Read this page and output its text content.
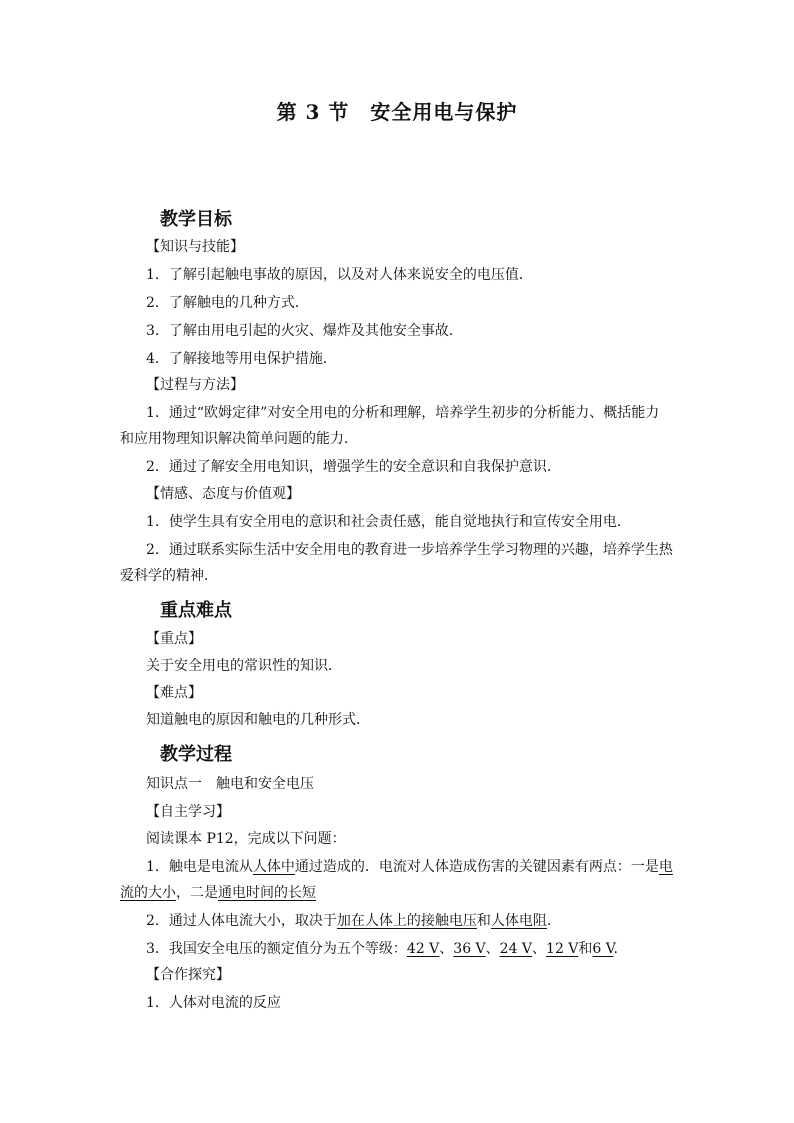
第 3 节　安全用电与保护
教学目标
【知识与技能】
1．了解引起触电事故的原因，以及对人体来说安全的电压值．
2．了解触电的几种方式．
3．了解由用电引起的火灾、爆炸及其他安全事故．
4．了解接地等用电保护措施．
【过程与方法】
1．通过“欧姆定律”对安全用电的分析和理解，培养学生初步的分析能力、概括能力
和应用物理知识解决简单问题的能力．
2．通过了解安全用电知识，增强学生的安全意识和自我保护意识．
【情感、态度与价值观】
1．使学生具有安全用电的意识和社会责任感，能自觉地执行和宣传安全用电．
2．通过联系实际生活中安全用电的教育进一步培养学生学习物理的兴趣，培养学生热
爱科学的精神．
重点难点
【重点】
关于安全用电的常识性的知识．
【难点】
知道触电的原因和触电的几种形式．
教学过程
知识点一　触电和安全电压
【自主学习】
阅读课本 P12，完成以下问题：
1．触电是电流从人体中通过造成的．电流对人体造成伤害的关键因素有两点：一是电
流的大小，二是通电时间的长短
2．通过人体电流大小，取决于加在人体上的接触电压和人体电阻.
3．我国安全电压的额定值分为五个等级：42 V、36 V、24 V、12 V和6 V.
【合作探究】
1．人体对电流的反应
